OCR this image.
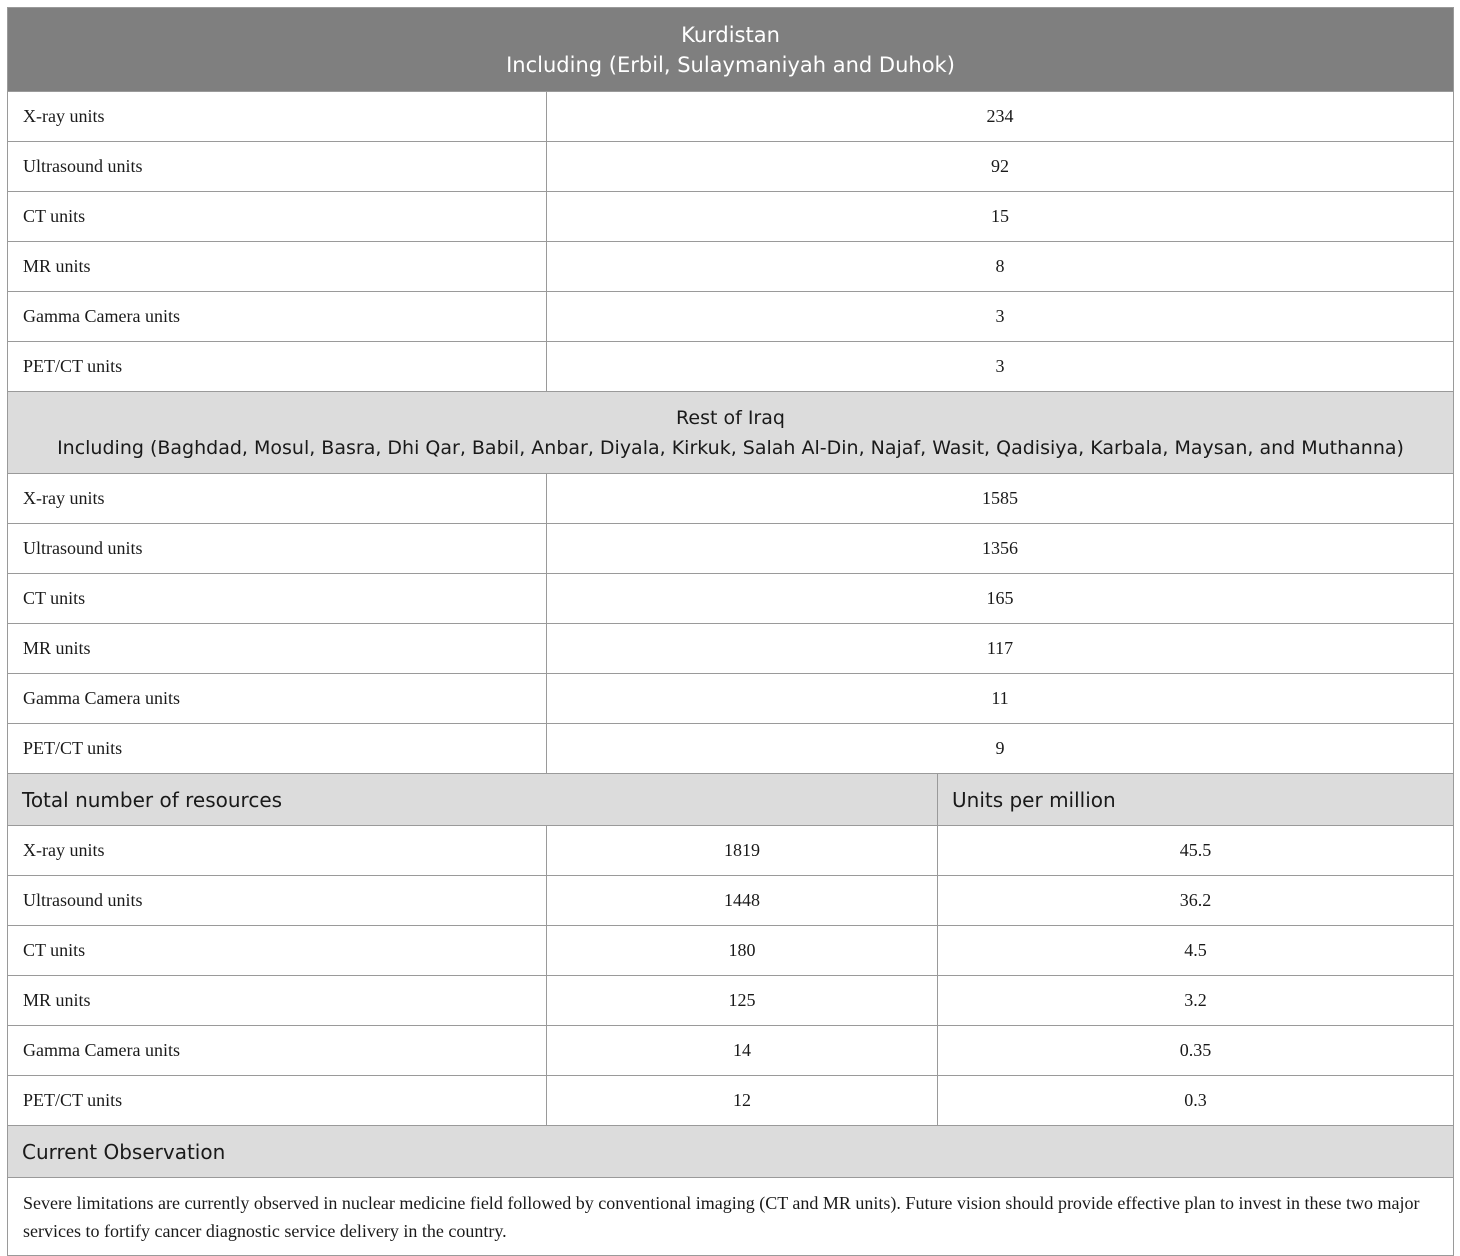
Kurdistan
Including (Erbil, Sulaymaniyah and Duhok)		

X-ray units	234	
Ultrasound units	92	
CT units	15	
MR units	8	
Gamma Camera units	3	
PET/CT units	3	

Rest of Iraq
Including (Baghdad, Mosul, Basra, Dhi Qar, Babil, Anbar, Diyala, Kirkuk, Salah Al-Din, Najaf, Wasit, Qadisiya, Karbala, Maysan, and Muthanna)		

X-ray units	1585	
Ultrasound units	1356	
CT units	165	
MR units	117	
Gamma Camera units	11	
PET/CT units	9	
Total number of resources		Units per million
X-ray units	1819	45.5
Ultrasound units	1448	36.2
CT units	180	4.5
MR units	125	3.2
Gamma Camera units	14	0.35
PET/CT units	12	0.3
Current Observation		
Severe limitations are currently observed in nuclear medicine field followed by conventional imaging (CT and MR units). Future vision should provide effective plan to invest in these two major services to fortify cancer diagnostic service delivery in the country.		
